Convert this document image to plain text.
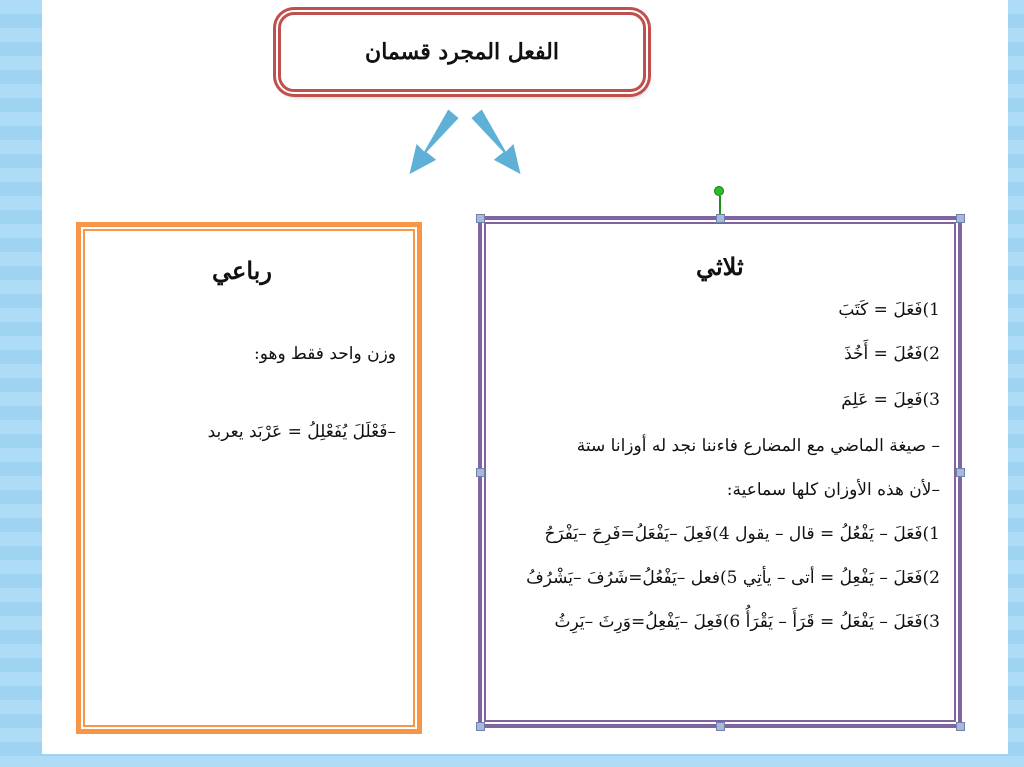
الفعل المجرد قسمان
رباعي
وزن واحد فقط وهو:
–فَعْلَلَ يُفَعْلِلُ = عَرْبَد يعربد
ثلاثي
1)فَعَلَ = كَتَبَ
2)فَعُلَ = أَخُذَ
3)فَعِلَ = عَلِمَ
– صيغة الماضي مع المضارع فاءننا نجد له أوزانا ستة
–لأن هذه الأوزان كلها سماعية:
1)فَعَلَ – يَفْعُلُ = قال – يقول 4)فَعِلَ –يَفْعَلُ=فَرِحَ –يَفْرَحُ
2)فَعَلَ – يَفْعِلُ = أتى – يأتِي 5)فعل –يَفْعُلُ=شَرُفَ –يَشْرُفُ
3)فَعَلَ – يَفْعَلُ = قَرَأَ – يَقْرَأُ 6)فَعِلَ –يَفْعِلُ=وَرِثَ –يَرِثُ
